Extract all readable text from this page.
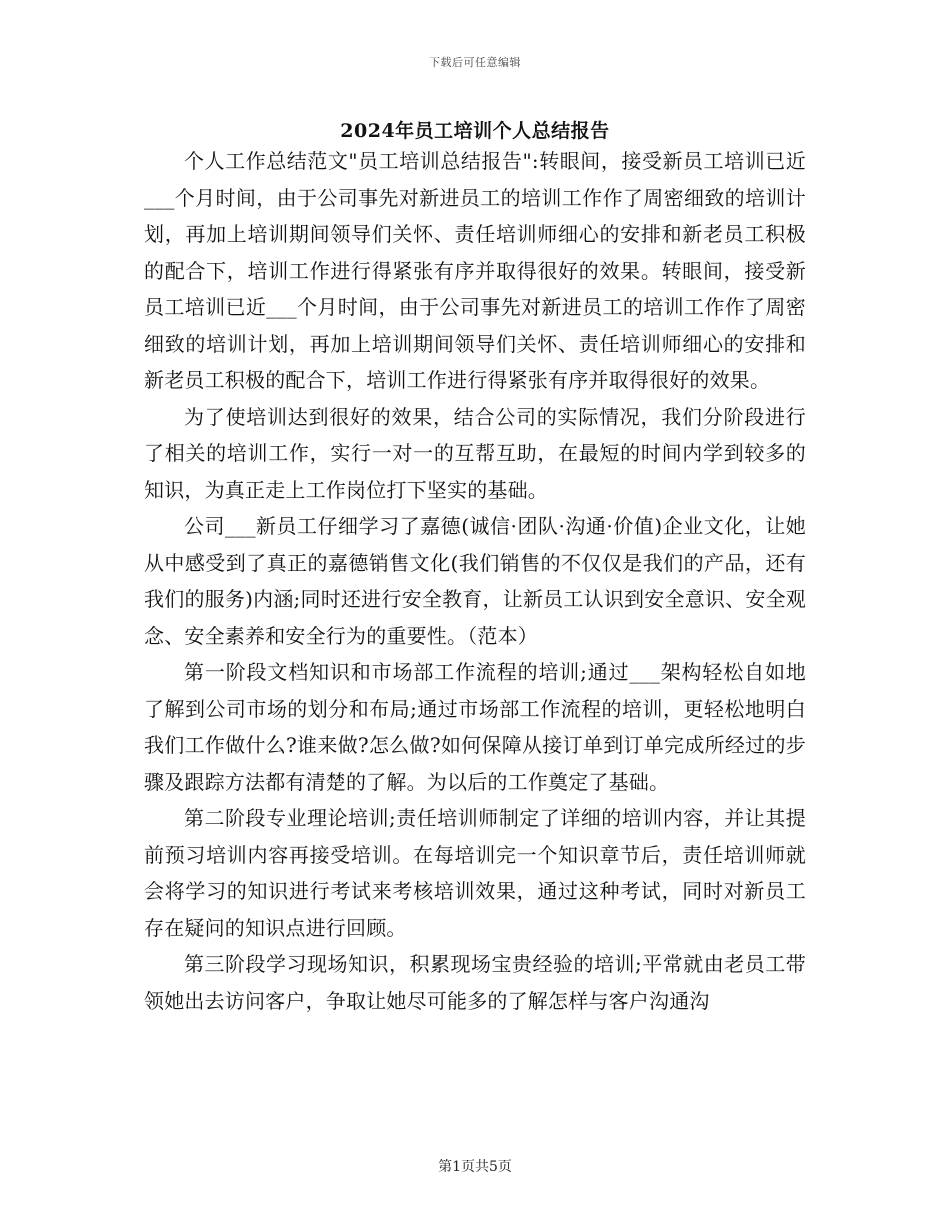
下载后可任意编辑
2024年员工培训个人总结报告

个人工作总结范文"员工培训总结报告":转眼间，接受新员工培训已近___个月时间，由于公司事先对新进员工的培训工作作了周密细致的培训计划，再加上培训期间领导们关怀、责任培训师细心的安排和新老员工积极的配合下，培训工作进行得紧张有序并取得很好的效果。转眼间，接受新员工培训已近___个月时间，由于公司事先对新进员工的培训工作作了周密细致的培训计划，再加上培训期间领导们关怀、责任培训师细心的安排和新老员工积极的配合下，培训工作进行得紧张有序并取得很好的效果。

为了使培训达到很好的效果，结合公司的实际情况，我们分阶段进行了相关的培训工作，实行一对一的互帮互助，在最短的时间内学到较多的知识，为真正走上工作岗位打下坚实的基础。

公司___新员工仔细学习了嘉德(诚信·团队·沟通·价值)企业文化，让她从中感受到了真正的嘉德销售文化(我们销售的不仅仅是我们的产品，还有我们的服务)内涵;同时还进行安全教育，让新员工认识到安全意识、安全观念、安全素养和安全行为的重要性。（范本）

第一阶段文档知识和市场部工作流程的培训;通过___架构轻松自如地了解到公司市场的划分和布局;通过市场部工作流程的培训，更轻松地明白我们工作做什么?谁来做?怎么做?如何保障从接订单到订单完成所经过的步骤及跟踪方法都有清楚的了解。为以后的工作奠定了基础。

第二阶段专业理论培训;责任培训师制定了详细的培训内容，并让其提前预习培训内容再接受培训。在每培训完一个知识章节后，责任培训师就会将学习的知识进行考试来考核培训效果，通过这种考试，同时对新员工存在疑问的知识点进行回顾。

第三阶段学习现场知识，积累现场宝贵经验的培训;平常就由老员工带领她出去访问客户，争取让她尽可能多的了解怎样与客户沟通沟

第1页共5页
